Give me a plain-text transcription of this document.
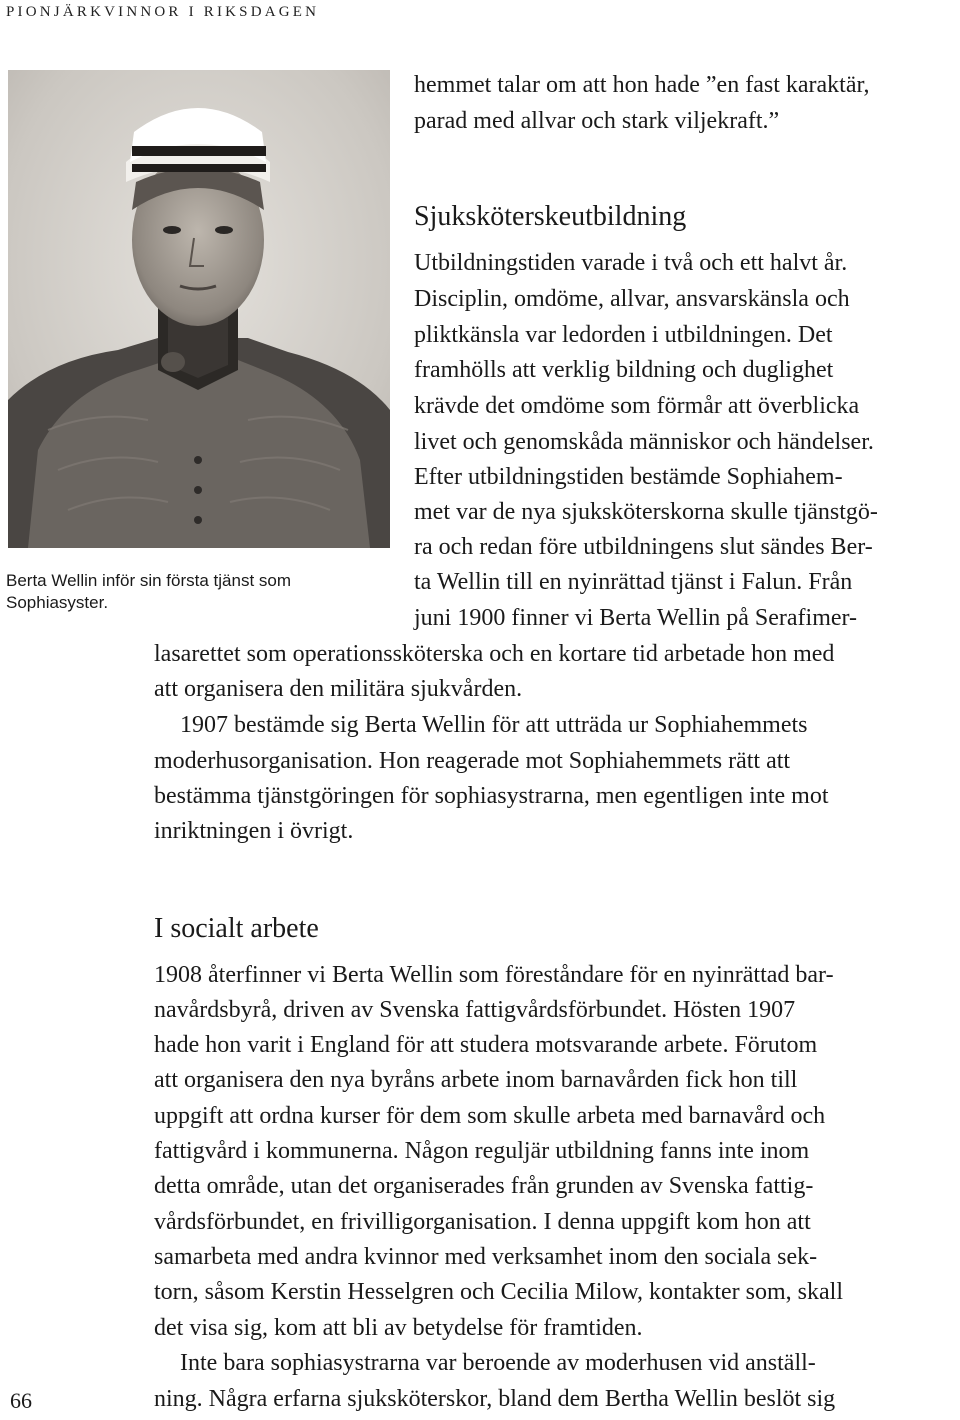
PIONJÄRKVINNOR I RIKSDAGEN
Berta Wellin inför sin första tjänst som
Sophiasyster.
hemmet talar om att hon hade ”en fast karaktär,
parad med allvar och stark viljekraft.”
Sjuksköterskeutbildning
Utbildningstiden varade i två och ett halvt år.
Disciplin, omdöme, allvar, ansvarskänsla och
pliktkänsla var ledorden i utbildningen. Det
framhölls att verklig bildning och duglighet
krävde det omdöme som förmår att överblicka
livet och genomskåda människor och händelser.
Efter utbildningstiden bestämde Sophiahem-
met var de nya sjuksköterskorna skulle tjänstgö-
ra och redan före utbildningens slut sändes Ber-
ta Wellin till en nyinrättad tjänst i Falun. Från
juni 1900 finner vi Berta Wellin på Serafimer-
lasarettet som operationssköterska och en kortare tid arbetade hon med
att organisera den militära sjukvården.
1907 bestämde sig Berta Wellin för att utträda ur Sophiahemmets
moderhusorganisation. Hon reagerade mot Sophiahemmets rätt att
bestämma tjänstgöringen för sophiasystrarna, men egentligen inte mot
inriktningen i övrigt.
I socialt arbete
1908 återfinner vi Berta Wellin som föreståndare för en nyinrättad bar-
navårdsbyrå, driven av Svenska fattigvårdsförbundet. Hösten 1907
hade hon varit i England för att studera motsvarande arbete. Förutom
att organisera den nya byråns arbete inom barnavården fick hon till
uppgift att ordna kurser för dem som skulle arbeta med barnavård och
fattigvård i kommunerna. Någon reguljär utbildning fanns inte inom
detta område, utan det organiserades från grunden av Svenska fattig-
vårdsförbundet, en frivilligorganisation. I denna uppgift kom hon att
samarbeta med andra kvinnor med verksamhet inom den sociala sek-
torn, såsom Kerstin Hesselgren och Cecilia Milow, kontakter som, skall
det visa sig, kom att bli av betydelse för framtiden.
Inte bara sophiasystrarna var beroende av moderhusen vid anställ-
ning. Några erfarna sjuksköterskor, bland dem Bertha Wellin beslöt sig
66
